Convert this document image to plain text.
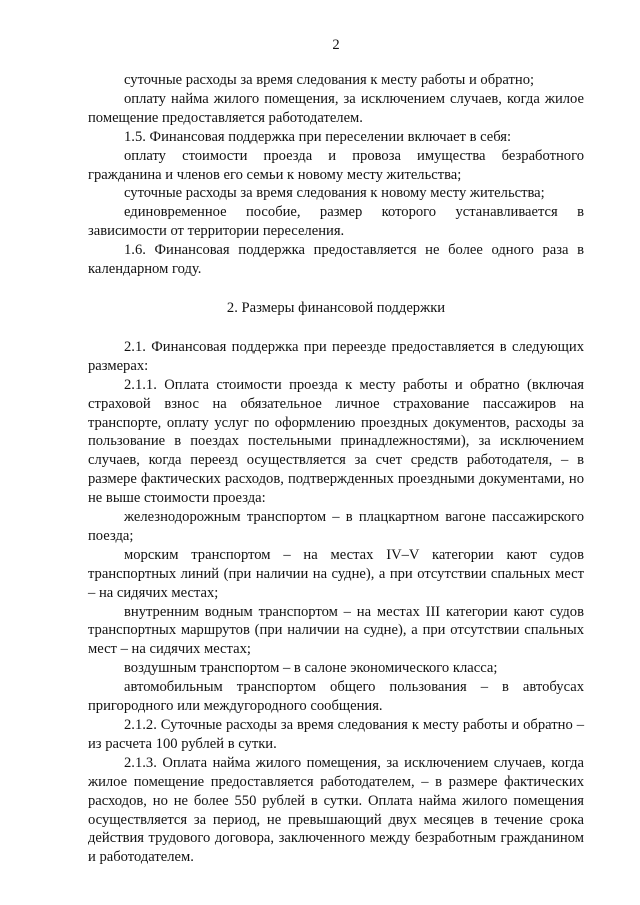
2

суточные расходы за время следования к месту работы и обратно;

оплату найма жилого помещения, за исключением случаев, когда жилое помещение предоставляется работодателем.

1.5. Финансовая поддержка при переселении включает в себя:

оплату стоимости проезда и провоза имущества безработного гражданина и членов его семьи к новому месту жительства;

суточные расходы за время следования к новому месту жительства;

единовременное пособие, размер которого устанавливается в зависимости от территории переселения.

1.6. Финансовая поддержка предоставляется не более одного раза в календарном году.

2. Размеры финансовой поддержки

2.1. Финансовая поддержка при переезде предоставляется в следующих размерах:

2.1.1. Оплата стоимости проезда к месту работы и обратно (включая страховой взнос на обязательное личное страхование пассажиров на транспорте, оплату услуг по оформлению проездных документов, расходы за пользование в поездах постельными принадлежностями), за исключением случаев, когда переезд осуществляется за счет средств работодателя, – в размере фактических расходов, подтвержденных проездными документами, но не выше стоимости проезда:

железнодорожным транспортом – в плацкартном вагоне пассажирского поезда;

морским транспортом – на местах IV–V категории кают судов транспортных линий (при наличии на судне), а при отсутствии спальных мест – на сидячих местах;

внутренним водным транспортом – на местах III категории кают судов транспортных маршрутов (при наличии на судне), а при отсутствии спальных мест – на сидячих местах;

воздушным транспортом – в салоне экономического класса;

автомобильным транспортом общего пользования – в автобусах пригородного или междугородного сообщения.

2.1.2. Суточные расходы за время следования к месту работы и обратно – из расчета 100 рублей в сутки.

2.1.3. Оплата найма жилого помещения, за исключением случаев, когда жилое помещение предоставляется работодателем, – в размере фактических расходов, но не более 550 рублей в сутки. Оплата найма жилого помещения осуществляется за период, не превышающий двух месяцев в течение срока действия трудового договора, заключенного между безработным гражданином и работодателем.
